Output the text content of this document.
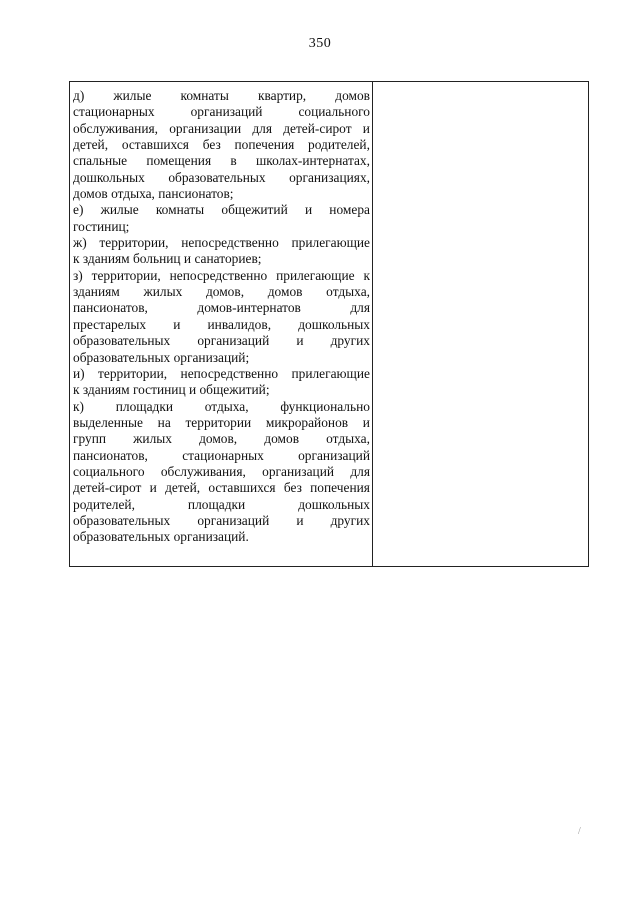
350
д) жилые комнаты квартир, домов
стационарных	организаций	социального
обслуживания, организации для детей-сирот и
детей, оставшихся без попечения родителей,
спальные помещения в школах-интернатах,
дошкольных образовательных организациях,
домов отдыха, пансионатов;
е) жилые комнаты общежитий и номера
гостиниц;
ж) территории, непосредственно прилегающие
к зданиям больниц и санаториев;
з) территории, непосредственно прилегающие к
зданиям жилых домов, домов отдыха,
пансионатов,	домов-интернатов	для
престарелых и инвалидов, дошкольных
образовательных организаций и других
образовательных организаций;
и) территории, непосредственно прилегающие
к зданиям гостиниц и общежитий;
к) площадки отдыха, функционально
выделенные на территории микрорайонов и
групп жилых домов, домов отдыха,
пансионатов,	стационарных	организаций
социального обслуживания, организаций для
детей-сирот и детей, оставшихся без попечения
родителей,	площадки	дошкольных
образовательных организаций и других
образовательных организаций.
/
